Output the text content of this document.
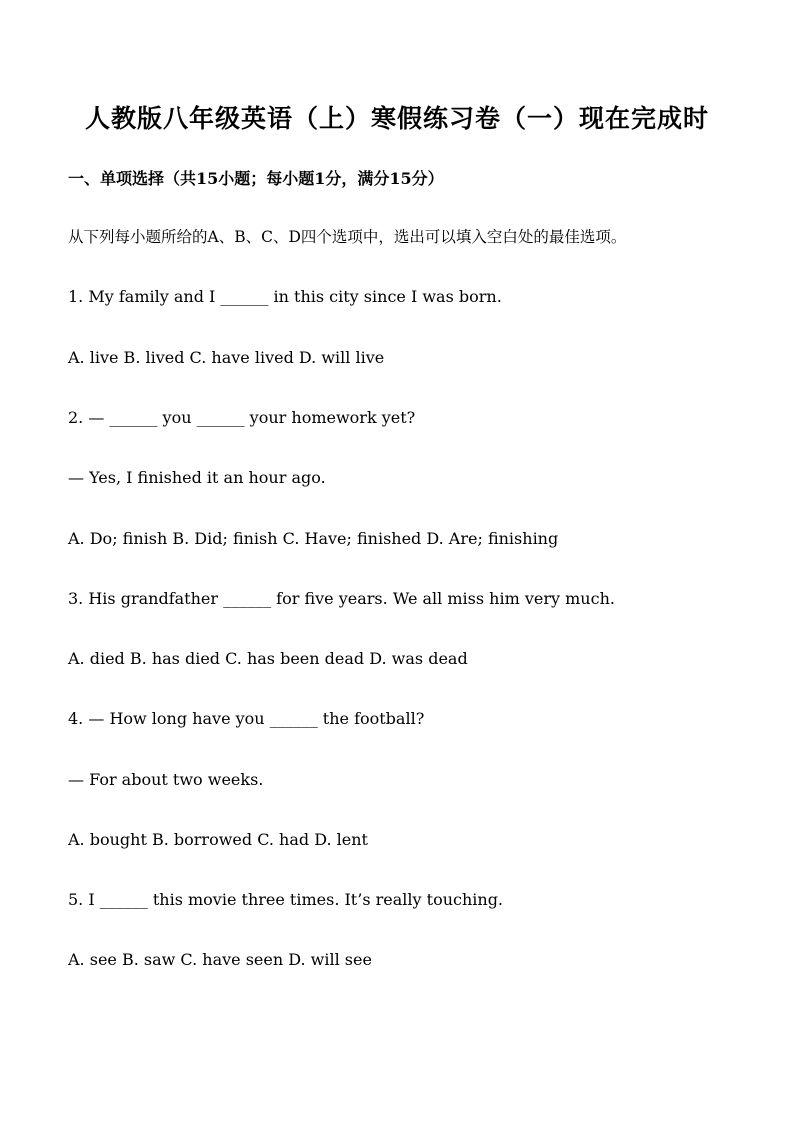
人教版八年级英语（上）寒假练习卷（一）现在完成时
一、单项选择（共15小题；每小题1分，满分15分）
从下列每小题所给的A、B、C、D四个选项中，选出可以填入空白处的最佳选项。
1. My family and I ______ in this city since I was born.
A. live B. lived C. have lived D. will live
2. — ______ you ______ your homework yet?
— Yes, I finished it an hour ago.
A. Do; finish B. Did; finish C. Have; finished D. Are; finishing
3. His grandfather ______ for five years. We all miss him very much.
A. died B. has died C. has been dead D. was dead
4. — How long have you ______ the football?
— For about two weeks.
A. bought B. borrowed C. had D. lent
5. I ______ this movie three times. It’s really touching.
A. see B. saw C. have seen D. will see
